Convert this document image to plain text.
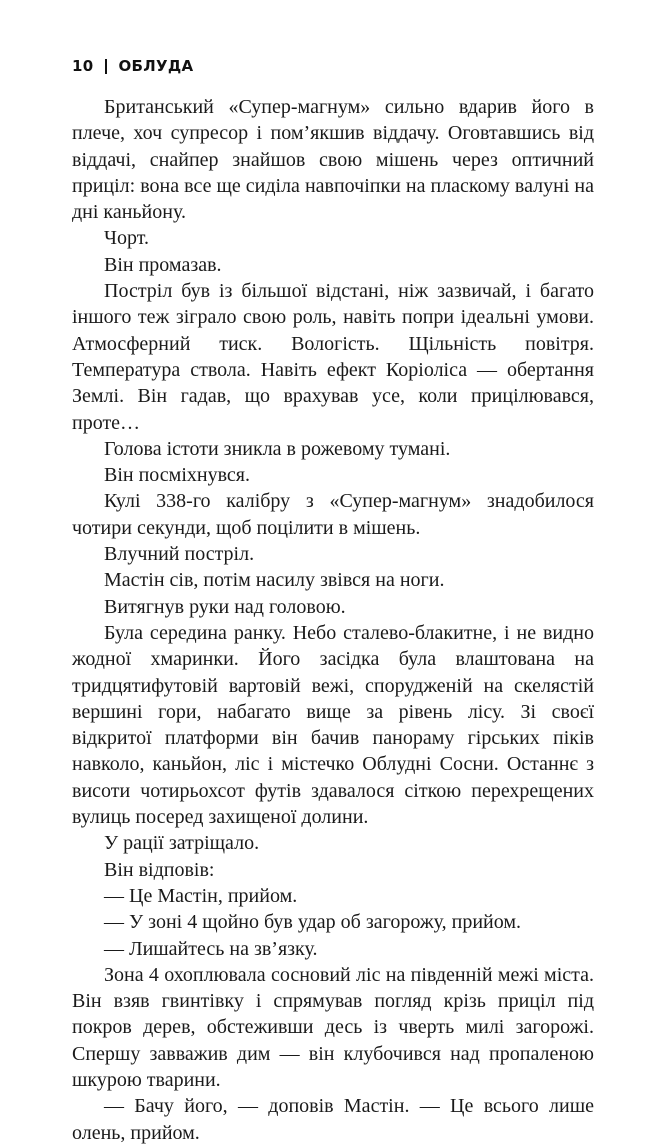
10 ОБЛУДА

Британський «Супер-магнум» сильно вдарив його в плече, хоч супресор і пом’якшив віддачу. Оговтавшись від віддачі, снайпер знайшов свою мішень через оптичний приціл: вона все ще сиділа навпочіпки на пласкому валуні на дні каньйону.

Чорт.

Він промазав.

Постріл був із більшої відстані, ніж зазвичай, і багато іншого теж зіграло свою роль, навіть попри ідеальні умови. Атмосферний тиск. Вологість. Щільність повітря. Температура ствола. Навіть ефект Коріоліса — обертання Землі. Він гадав, що врахував усе, коли прицілювався, проте…

Голова істоти зникла в рожевому тумані.

Він посміхнувся.

Кулі 338-го калібру з «Супер-магнум» знадобилося чотири секунди, щоб поцілити в мішень.

Влучний постріл.

Мастін сів, потім насилу звівся на ноги.

Витягнув руки над головою.

Була середина ранку. Небо сталево-блакитне, і не видно жодної хмаринки. Його засідка була влаштована на тридцятифутовій вартовій вежі, спорудженій на скелястій вершині гори, набагато вище за рівень лісу. Зі своєї відкритої платформи він бачив панораму гірських піків навколо, каньйон, ліс і містечко Облудні Сосни. Останнє з висоти чотирьохсот футів здавалося сіткою перехрещених вулиць посеред захищеної долини.

У рації затріщало.

Він відповів:

— Це Мастін, прийом.

— У зоні 4 щойно був удар об загорожу, прийом.

— Лишайтесь на зв’язку.

Зона 4 охоплювала сосновий ліс на південній межі міста. Він взяв гвинтівку і спрямував погляд крізь приціл під покров дерев, обстеживши десь із чверть милі загорожі. Спершу завважив дим — він клубочився над пропаленою шкурою тварини.

— Бачу його, — доповів Мастін. — Це всього лише олень, прийом.
